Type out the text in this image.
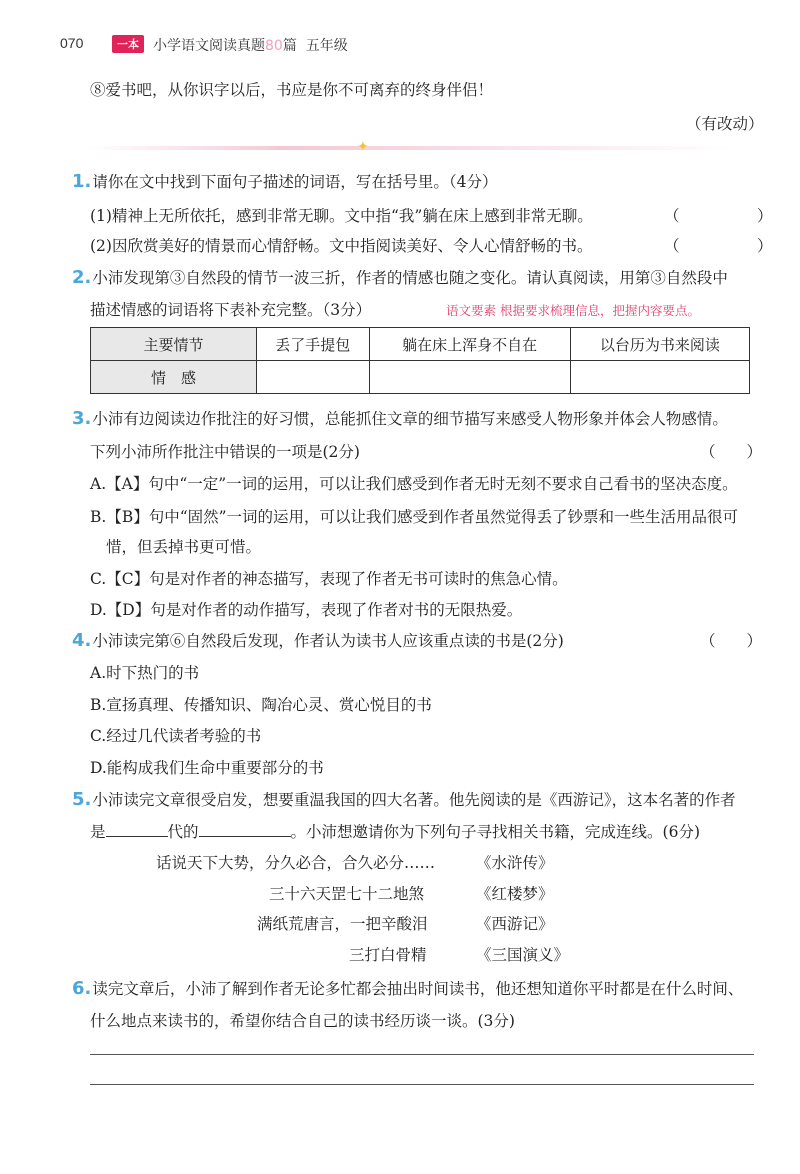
070	一本	小学语文阅读真题80篇 五年级
⑧爱书吧，从你识字以后，书应是你不可离弃的终身伴侣！
（有改动）
✦
1.请你在文中找到下面句子描述的词语，写在括号里。（4分）
(1)精神上无所依托，感到非常无聊。文中指“我”躺在床上感到非常无聊。	（　　　　　）
(2)因欣赏美好的情景而心情舒畅。文中指阅读美好、令人心情舒畅的书。	（　　　　　）
2.小沛发现第③自然段的情节一波三折，作者的情感也随之变化。请认真阅读，用第③自然段中
描述情感的词语将下表补充完整。（3分）	语文要素 根据要求梳理信息，把握内容要点。
主要情节	丢了手提包	躺在床上浑身不自在	以台历为书来阅读
情　感			
3.小沛有边阅读边作批注的好习惯，总能抓住文章的细节描写来感受人物形象并体会人物感情。
下列小沛所作批注中错误的一项是(2分)	（　　）
A.【A】句中“一定”一词的运用，可以让我们感受到作者无时无刻不要求自己看书的坚决态度。
B.【B】句中“固然”一词的运用，可以让我们感受到作者虽然觉得丢了钞票和一些生活用品很可
惜，但丢掉书更可惜。
C.【C】句是对作者的神态描写，表现了作者无书可读时的焦急心情。
D.【D】句是对作者的动作描写，表现了作者对书的无限热爱。
4.小沛读完第⑥自然段后发现，作者认为读书人应该重点读的书是(2分)	（　　）
A.时下热门的书
B.宣扬真理、传播知识、陶冶心灵、赏心悦目的书
C.经过几代读者考验的书
D.能构成我们生命中重要部分的书
5.小沛读完文章很受启发，想要重温我国的四大名著。他先阅读的是《西游记》，这本名著的作者
是	代的	。小沛想邀请你为下列句子寻找相关书籍，完成连线。(6分)
话说天下大势，分久必合，合久必分……	《水浒传》
三十六天罡七十二地煞	《红楼梦》
满纸荒唐言，一把辛酸泪	《西游记》
三打白骨精	《三国演义》
6.读完文章后，小沛了解到作者无论多忙都会抽出时间读书，他还想知道你平时都是在什么时间、
什么地点来读书的，希望你结合自己的读书经历谈一谈。(3分)
